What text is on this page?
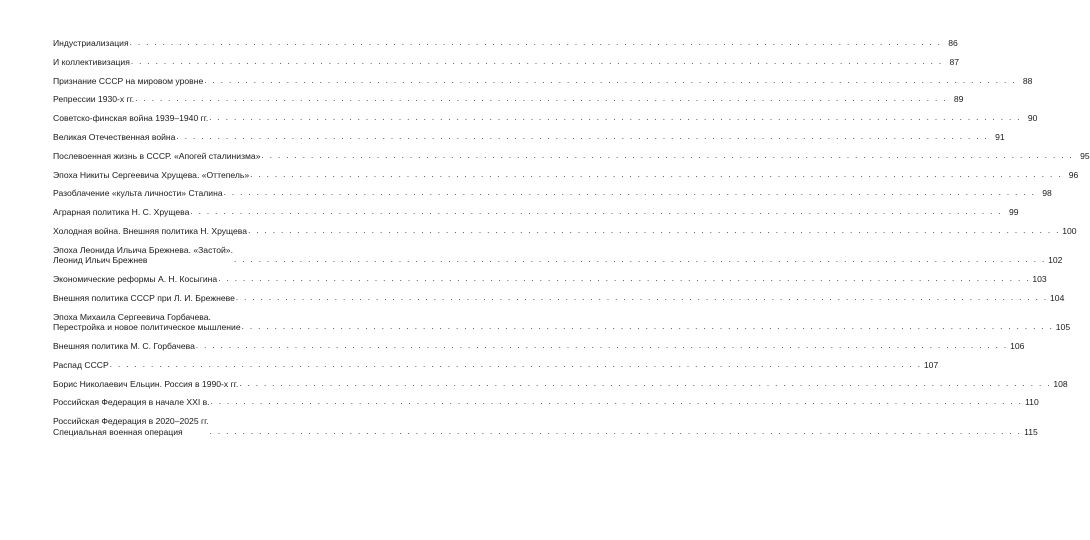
Индустриализация . . . . . . . . . . . . . . . . . . . . . . . . . . . . . . . . . . . . . . . . . . . . . . . . . . . . . . . . . . . . . . . . . . . . . . . . . . . . . . . . . . . . . . . . . . . . . . . . . . . 86
И коллективизация . . . . . . . . . . . . . . . . . . . . . . . . . . . . . . . . . . . . . . . . . . . . . . . . . . . . . . . . . . . . . . . . . . . . . . . . . . . . . . . . . . . . . . . . . . . . . . . . . . . 87
Признание СССР на мировом уровне . . . . . . . . . . . . . . . . . . . . . . . . . . . . . . . . . . . . . . . . . . . . . . . . . . . . . . . . . . . . . . . . . . . . . . . . . . . . . . . . . . . . . . . . . . . . . . . . . . . 88
Репрессии 1930-х гг. . . . . . . . . . . . . . . . . . . . . . . . . . . . . . . . . . . . . . . . . . . . . . . . . . . . . . . . . . . . . . . . . . . . . . . . . . . . . . . . . . . . . . . . . . . . . . . . . . . . 89
Советско-финская война 1939–1940 гг. . . . . . . . . . . . . . . . . . . . . . . . . . . . . . . . . . . . . . . . . . . . . . . . . . . . . . . . . . . . . . . . . . . . . . . . . . . . . . . . . . . . . . . . . . . . . . . . . . . . 90
Великая Отечественная война . . . . . . . . . . . . . . . . . . . . . . . . . . . . . . . . . . . . . . . . . . . . . . . . . . . . . . . . . . . . . . . . . . . . . . . . . . . . . . . . . . . . . . . . . . . . . . . . . . . 91
Послевоенная жизнь в СССР. «Апогей сталинизма» . . . . . . . . . . . . . . . . . . . . . . . . . . . . . . . . . . . . . . . . . . . . . . . . . . . . . . . . . . . . . . . . . . . . . . . . . . . . . . . . . . . . . . . . . . . . . . . . . . . 95
Эпоха Никиты Сергеевича Хрущева. «Оттепель» . . . . . . . . . . . . . . . . . . . . . . . . . . . . . . . . . . . . . . . . . . . . . . . . . . . . . . . . . . . . . . . . . . . . . . . . . . . . . . . . . . . . . . . . . . . . . . . . . . . 96
Разоблачение «культа личности» Сталина . . . . . . . . . . . . . . . . . . . . . . . . . . . . . . . . . . . . . . . . . . . . . . . . . . . . . . . . . . . . . . . . . . . . . . . . . . . . . . . . . . . . . . . . . . . . . . . . . . . 98
Аграрная политика Н. С. Хрущева . . . . . . . . . . . . . . . . . . . . . . . . . . . . . . . . . . . . . . . . . . . . . . . . . . . . . . . . . . . . . . . . . . . . . . . . . . . . . . . . . . . . . . . . . . . . . . . . . . . 99
Холодная война. Внешняя политика Н. Хрущева . . . . . . . . . . . . . . . . . . . . . . . . . . . . . . . . . . . . . . . . . . . . . . . . . . . . . . . . . . . . . . . . . . . . . . . . . . . . . . . . . . . . . . . . . . . . . . . . . . . 100
Эпоха Леонида Ильича Брежнева. «Застой».
Леонид Ильич Брежнев	. . . . . . . . . . . . . . . . . . . . . . . . . . . . . . . . . . . . . . . . . . . . . . . . . . . . . . . . . . . . . . . . . . . . . . . . . . . . . . . . . . . . . . . . . . . . . . . . . . . 102
Экономические реформы А. Н. Косыгина . . . . . . . . . . . . . . . . . . . . . . . . . . . . . . . . . . . . . . . . . . . . . . . . . . . . . . . . . . . . . . . . . . . . . . . . . . . . . . . . . . . . . . . . . . . . . . . . . . . 103
Внешняя политика СССР при Л. И. Брежневе . . . . . . . . . . . . . . . . . . . . . . . . . . . . . . . . . . . . . . . . . . . . . . . . . . . . . . . . . . . . . . . . . . . . . . . . . . . . . . . . . . . . . . . . . . . . . . . . . . . 104
Эпоха Михаила Сергеевича Горбачева.
Перестройка и новое политическое мышление . . . . . . . . . . . . . . . . . . . . . . . . . . . . . . . . . . . . . . . . . . . . . . . . . . . . . . . . . . . . . . . . . . . . . . . . . . . . . . . . . . . . . . . . . . . . . . . . . . . 105
Внешняя политика М. С. Горбачева . . . . . . . . . . . . . . . . . . . . . . . . . . . . . . . . . . . . . . . . . . . . . . . . . . . . . . . . . . . . . . . . . . . . . . . . . . . . . . . . . . . . . . . . . . . . . . . . . . . 106
Распад СССР . . . . . . . . . . . . . . . . . . . . . . . . . . . . . . . . . . . . . . . . . . . . . . . . . . . . . . . . . . . . . . . . . . . . . . . . . . . . . . . . . . . . . . . . . . . . . . . . . . . 107
Борис Николаевич Ельцин. Россия в 1990-х гг. . . . . . . . . . . . . . . . . . . . . . . . . . . . . . . . . . . . . . . . . . . . . . . . . . . . . . . . . . . . . . . . . . . . . . . . . . . . . . . . . . . . . . . . . . . . . . . . . . . . 108
Российская Федерация в начале XXI в. . . . . . . . . . . . . . . . . . . . . . . . . . . . . . . . . . . . . . . . . . . . . . . . . . . . . . . . . . . . . . . . . . . . . . . . . . . . . . . . . . . . . . . . . . . . . . . . . . . . 110
Российская Федерация в 2020–2025 гг.
Специальная военная операция	. . . . . . . . . . . . . . . . . . . . . . . . . . . . . . . . . . . . . . . . . . . . . . . . . . . . . . . . . . . . . . . . . . . . . . . . . . . . . . . . . . . . . . . . . . . . . . . . . . . 115
